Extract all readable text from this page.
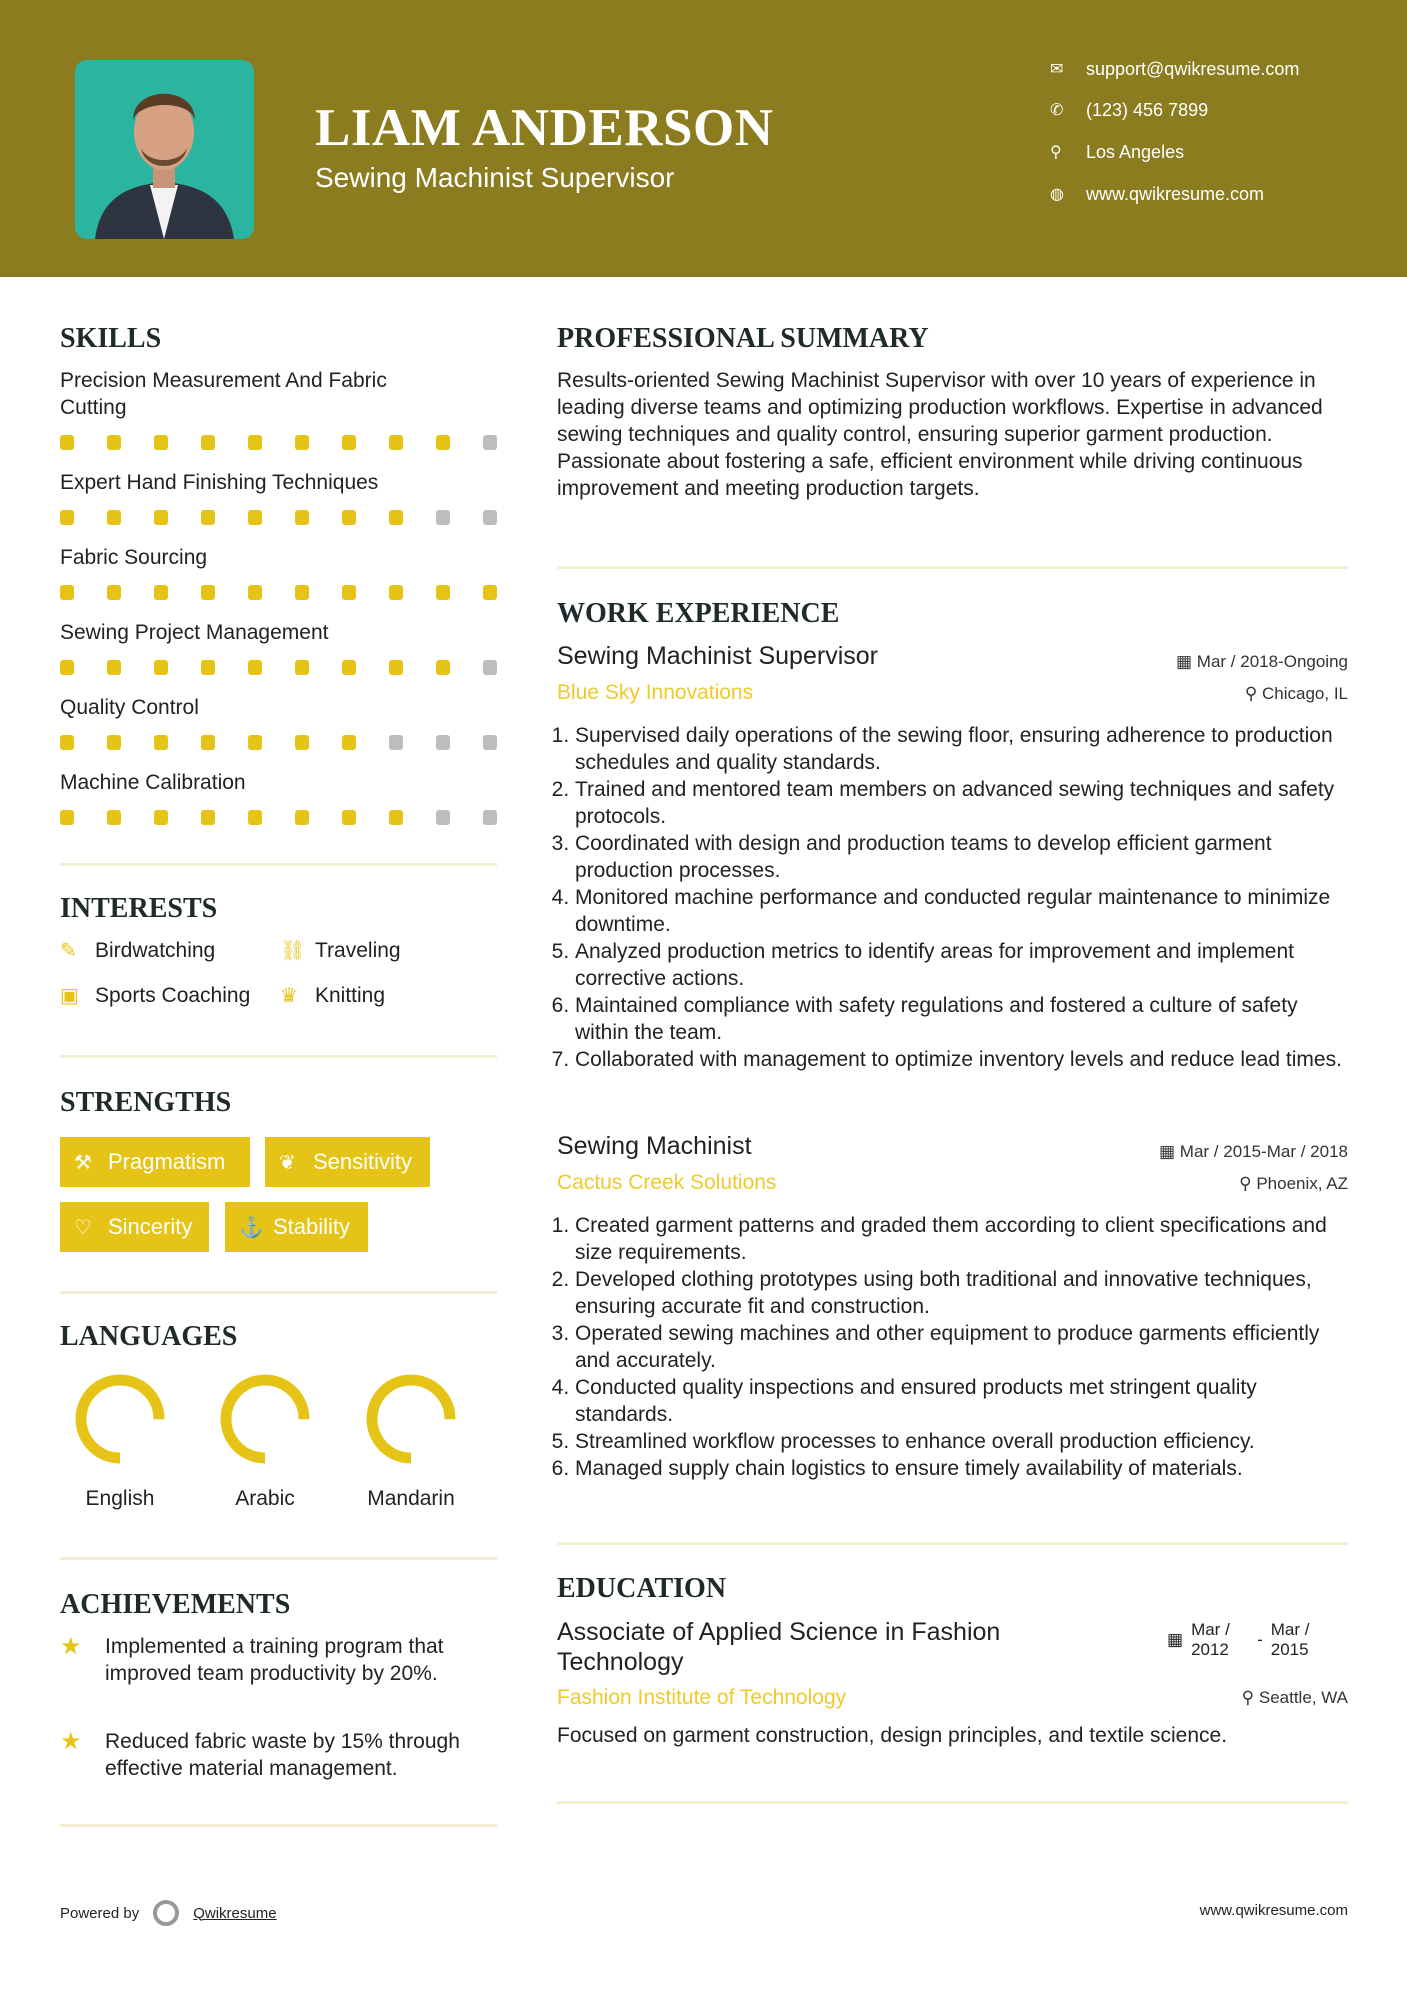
LIAM ANDERSON
Sewing Machinist Supervisor
✉	support@qwikresume.com
✆	(123) 456 7899
⚲	Los Angeles
◍	www.qwikresume.com
SKILLS
Precision Measurement And Fabric Cutting
Expert Hand Finishing Techniques
Fabric Sourcing
Sewing Project Management
Quality Control
Machine Calibration
INTERESTS
✎ Birdwatching	⛓ Traveling
▣ Sports Coaching ♛ Knitting
STRENGTHS
⚒ Pragmatism	❦ Sensitivity
♡ Sincerity ⚓ Stability
LANGUAGES
English	Arabic	Mandarin
ACHIEVEMENTS
★	Implemented a training program that improved team productivity by 20%.
★	Reduced fabric waste by 15% through effective material management.
PROFESSIONAL SUMMARY
Results-oriented Sewing Machinist Supervisor with over 10 years of experience in leading diverse teams and optimizing production workflows. Expertise in advanced sewing techniques and quality control, ensuring superior garment production. Passionate about fostering a safe, efficient environment while driving continuous improvement and meeting production targets.
WORK EXPERIENCE
Sewing Machinist Supervisor	▦ Mar / 2018-Ongoing
Blue Sky Innovations	⚲ Chicago, IL
1. Supervised daily operations of the sewing floor, ensuring adherence to production schedules and quality standards.
2. Trained and mentored team members on advanced sewing techniques and safety protocols.
3. Coordinated with design and production teams to develop efficient garment production processes.
4. Monitored machine performance and conducted regular maintenance to minimize downtime.
5. Analyzed production metrics to identify areas for improvement and implement corrective actions.
6. Maintained compliance with safety regulations and fostered a culture of safety within the team.
7. Collaborated with management to optimize inventory levels and reduce lead times.
Sewing Machinist	▦ Mar / 2015-Mar / 2018
Cactus Creek Solutions	⚲ Phoenix, AZ
1. Created garment patterns and graded them according to client specifications and size requirements.
2. Developed clothing prototypes using both traditional and innovative techniques, ensuring accurate fit and construction.
3. Operated sewing machines and other equipment to produce garments efficiently and accurately.
4. Conducted quality inspections and ensured products met stringent quality standards.
5. Streamlined workflow processes to enhance overall production efficiency.
6. Managed supply chain logistics to ensure timely availability of materials.
EDUCATION
Associate of Applied Science in Fashion Technology
▦
Mar / 2012
-
Mar / 2015
Fashion Institute of Technology	⚲ Seattle, WA
Focused on garment construction, design principles, and textile science.
Powered by	Qwikresume	www.qwikresume.com
